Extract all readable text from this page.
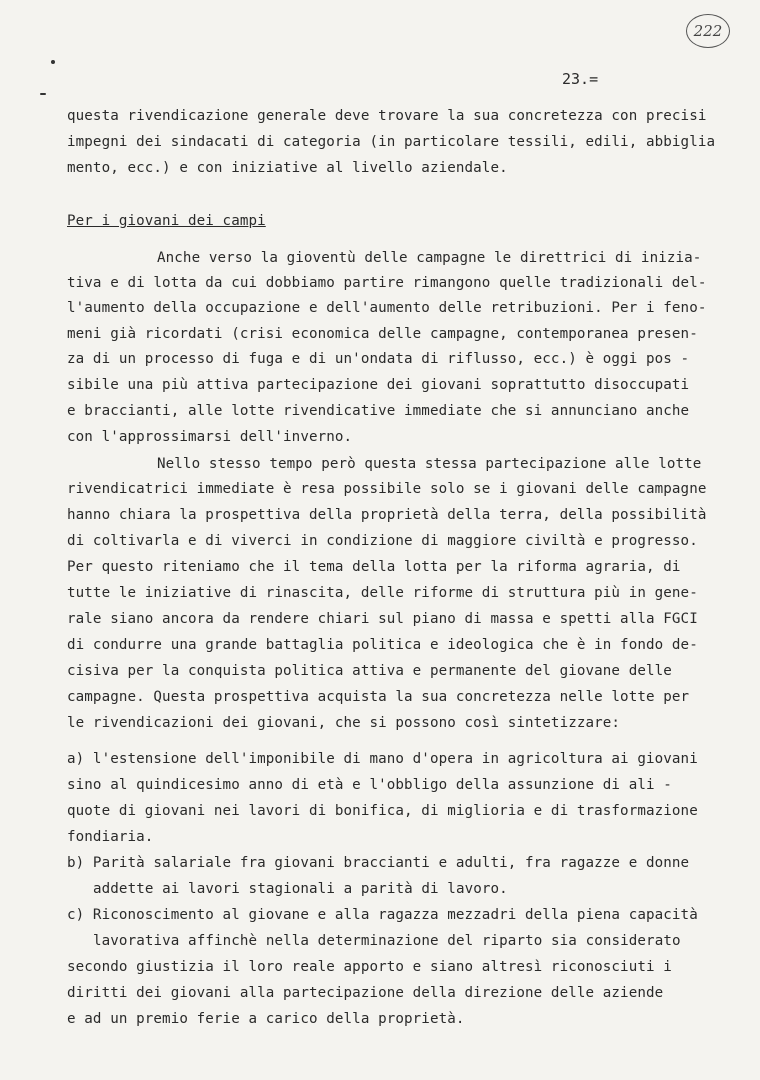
222
23.=
questa rivendicazione generale deve trovare la sua concretezza con precisi
impegni dei sindacati di categoria (in particolare tessili, edili, abbiglia
mento, ecc.) e con iniziative al livello aziendale.
Per i giovani dei campi
Anche verso la gioventù delle campagne le direttrici di inizia-
tiva e di lotta da cui dobbiamo partire rimangono quelle tradizionali del-
l'aumento della occupazione e dell'aumento delle retribuzioni. Per i feno-
meni già ricordati (crisi economica delle campagne, contemporanea presen-
za di un processo di fuga e di un'ondata di riflusso, ecc.) è oggi pos -
sibile una più attiva partecipazione dei giovani soprattutto disoccupati
e braccianti, alle lotte rivendicative immediate che si annunciano anche
con l'approssimarsi dell'inverno.
Nello stesso tempo però questa stessa partecipazione alle lotte
rivendicatrici immediate è resa possibile solo se i giovani delle campagne
hanno chiara la prospettiva della proprietà della terra, della possibilità
di coltivarla e di viverci in condizione di maggiore civiltà e progresso.
Per questo riteniamo che il tema della lotta per la riforma agraria, di
tutte le iniziative di rinascita, delle riforme di struttura più in gene-
rale siano ancora da rendere chiari sul piano di massa e spetti alla FGCI
di condurre una grande battaglia politica e ideologica che è in fondo de-
cisiva per la conquista politica attiva e permanente del giovane delle
campagne. Questa prospettiva acquista la sua concretezza nelle lotte per
le rivendicazioni dei giovani, che si possono così sintetizzare:
a) l'estensione dell'imponibile di mano d'opera in agricoltura ai giovani
sino al quindicesimo anno di età e l'obbligo della assunzione di ali -
quote di giovani nei lavori di bonifica, di miglioria e di trasformazione
fondiaria.
b) Parità salariale fra giovani braccianti e adulti, fra ragazze e donne
addette ai lavori stagionali a parità di lavoro.
c) Riconoscimento al giovane e alla ragazza mezzadri della piena capacità
lavorativa affinchè nella determinazione del riparto sia considerato
secondo giustizia il loro reale apporto e siano altresì riconosciuti i
diritti dei giovani alla partecipazione della direzione delle aziende
e ad un premio ferie a carico della proprietà.
